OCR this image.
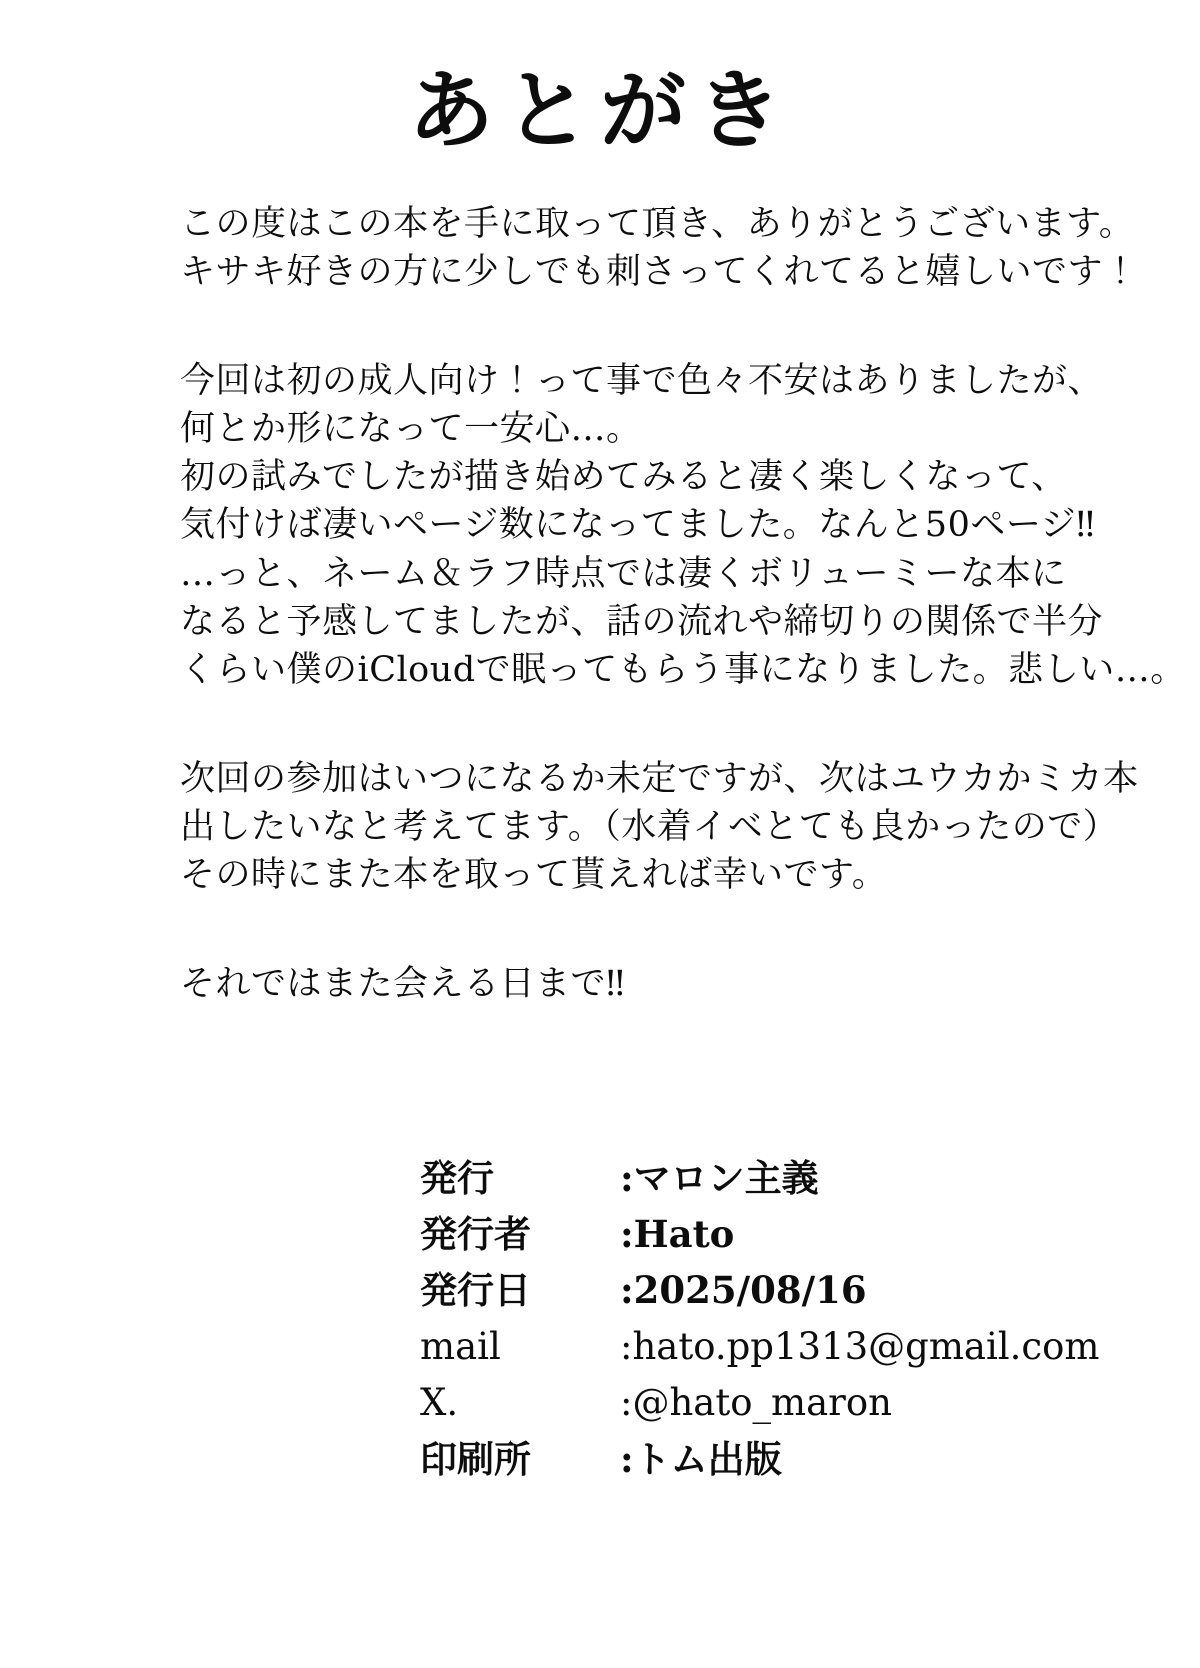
あとがき

この度はこの本を手に取って頂き、ありがとうございます。
キサキ好きの方に少しでも刺さってくれてると嬉しいです！

今回は初の成人向け！って事で色々不安はありましたが、
何とか形になって一安心…。
初の試みでしたが描き始めてみると凄く楽しくなって、
気付けば凄いページ数になってました。なんと50ページ‼
…っと、ネーム＆ラフ時点では凄くボリューミーな本に
なると予感してましたが、話の流れや締切りの関係で半分
くらい僕のiCloudで眠ってもらう事になりました。悲しい…。

次回の参加はいつになるか未定ですが、次はユウカかミカ本
出したいなと考えてます。（水着イベとても良かったので）
その時にまた本を取って貰えれば幸いです。

それではまた会える日まで‼

発行	:マロン主義
発行者	:Hato
発行日	:2025/08/16
mail	:hato.pp1313@gmail.com
X.	:@hato_maron
印刷所	:トム出版
